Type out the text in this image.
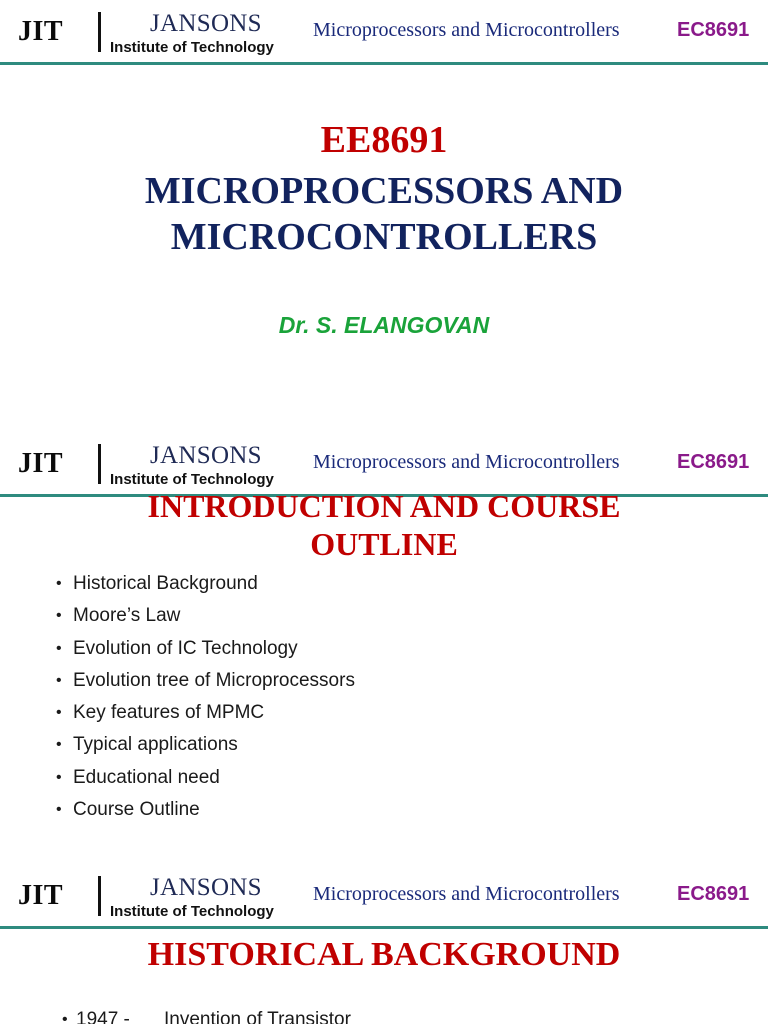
JIT	JANSONS
Institute of Technology
Microprocessors and Microcontrollers	EC8691
EE8691
MICROPROCESSORS AND
MICROCONTROLLERS
Dr. S. ELANGOVAN
JIT	JANSONS
Institute of Technology
Microprocessors and Microcontrollers	EC8691
INTRODUCTION AND COURSE
OUTLINE
• Historical Background
• Moore’s Law
• Evolution of IC Technology
• Evolution tree of Microprocessors
• Key features of MPMC
• Typical applications
• Educational need
• Course Outline
JIT	JANSONS
Institute of Technology
Microprocessors and Microcontrollers	EC8691
HISTORICAL BACKGROUND
• 1947 - Invention of Transistor
